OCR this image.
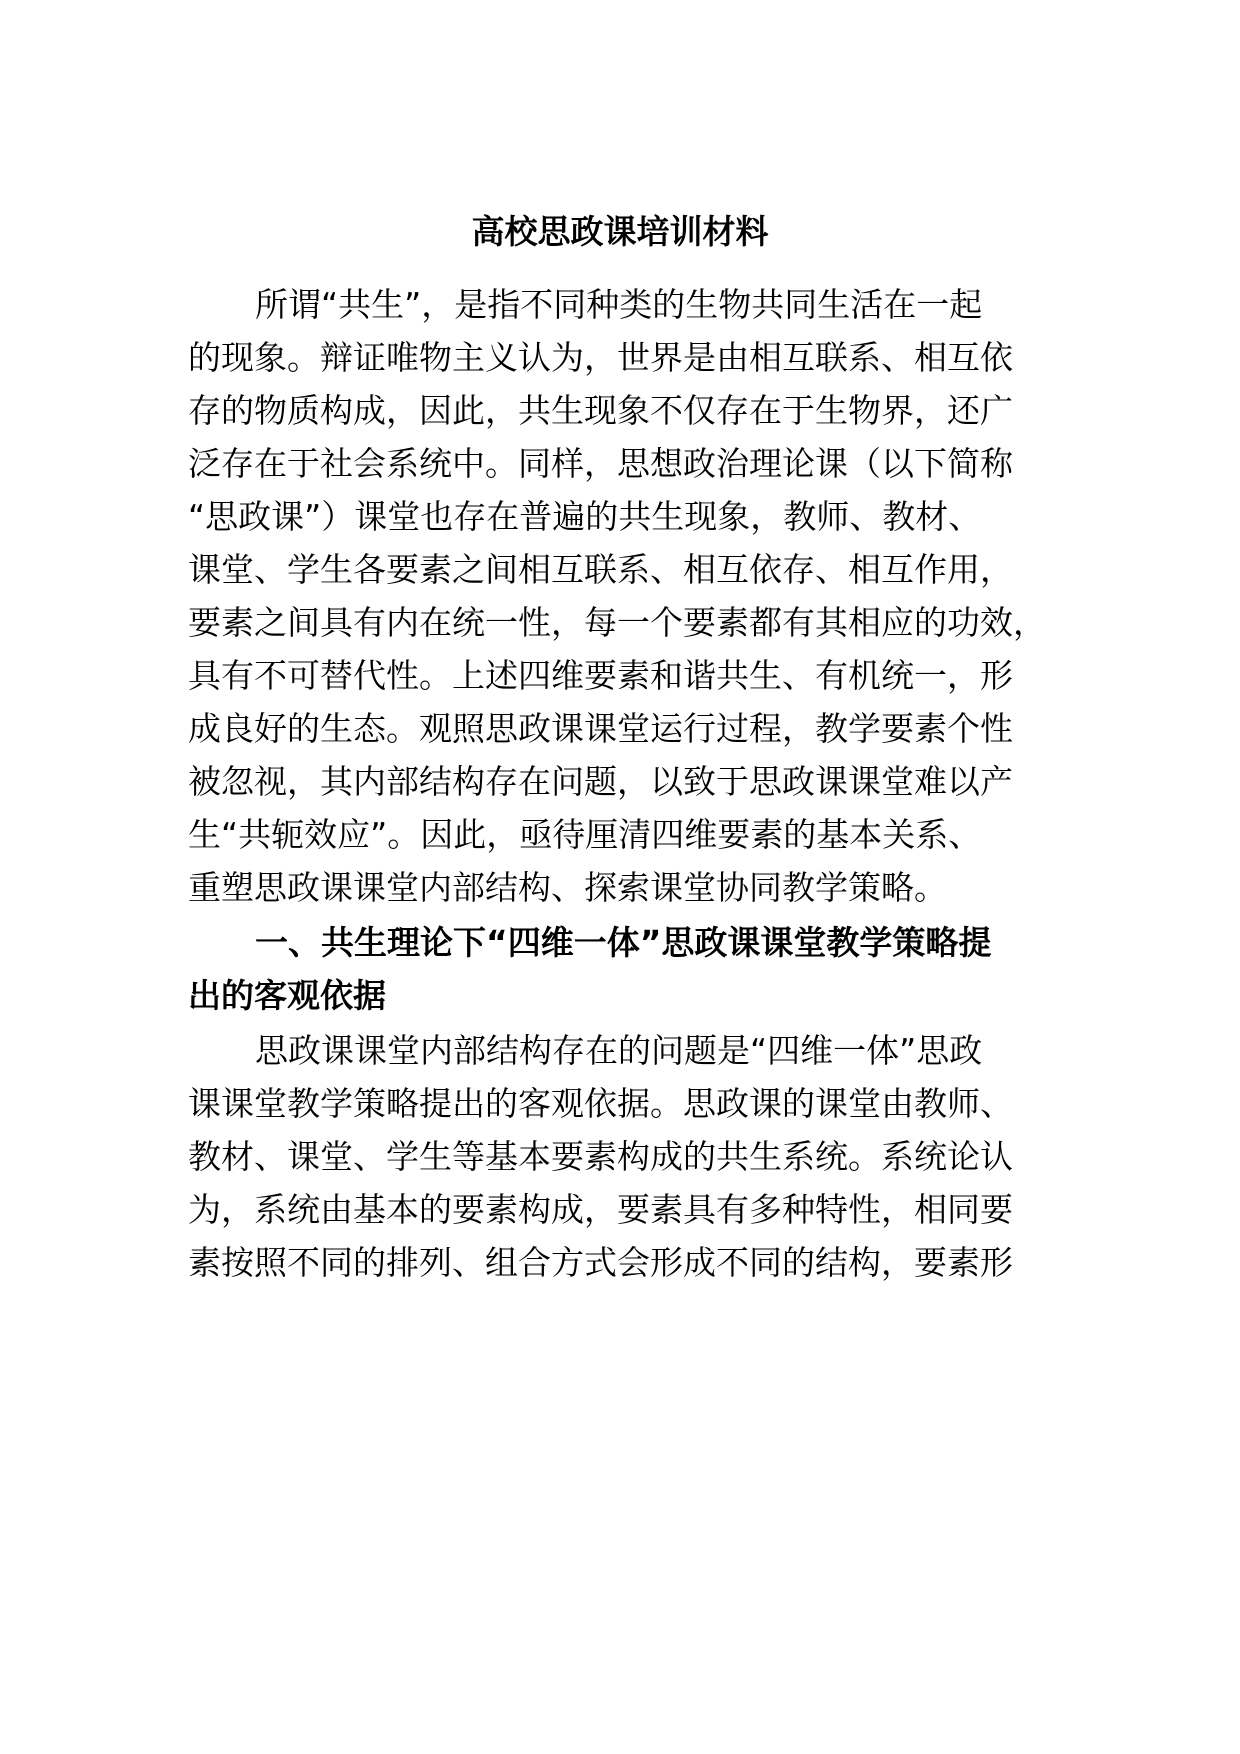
高校思政课培训材料
所谓“共生”，是指不同种类的生物共同生活在一起
的现象。辩证唯物主义认为，世界是由相互联系、相互依
存的物质构成，因此，共生现象不仅存在于生物界，还广
泛存在于社会系统中。同样，思想政治理论课（以下简称
“思政课”）课堂也存在普遍的共生现象，教师、教材、
课堂、学生各要素之间相互联系、相互依存、相互作用，
要素之间具有内在统一性，每一个要素都有其相应的功效，
具有不可替代性。上述四维要素和谐共生、有机统一，形
成良好的生态。观照思政课课堂运行过程，教学要素个性
被忽视，其内部结构存在问题，以致于思政课课堂难以产
生“共轭效应”。因此，亟待厘清四维要素的基本关系、
重塑思政课课堂内部结构、探索课堂协同教学策略。
一、共生理论下“四维一体”思政课课堂教学策略提
出的客观依据
思政课课堂内部结构存在的问题是“四维一体”思政
课课堂教学策略提出的客观依据。思政课的课堂由教师、
教材、课堂、学生等基本要素构成的共生系统。系统论认
为，系统由基本的要素构成，要素具有多种特性，相同要
素按照不同的排列、组合方式会形成不同的结构，要素形
